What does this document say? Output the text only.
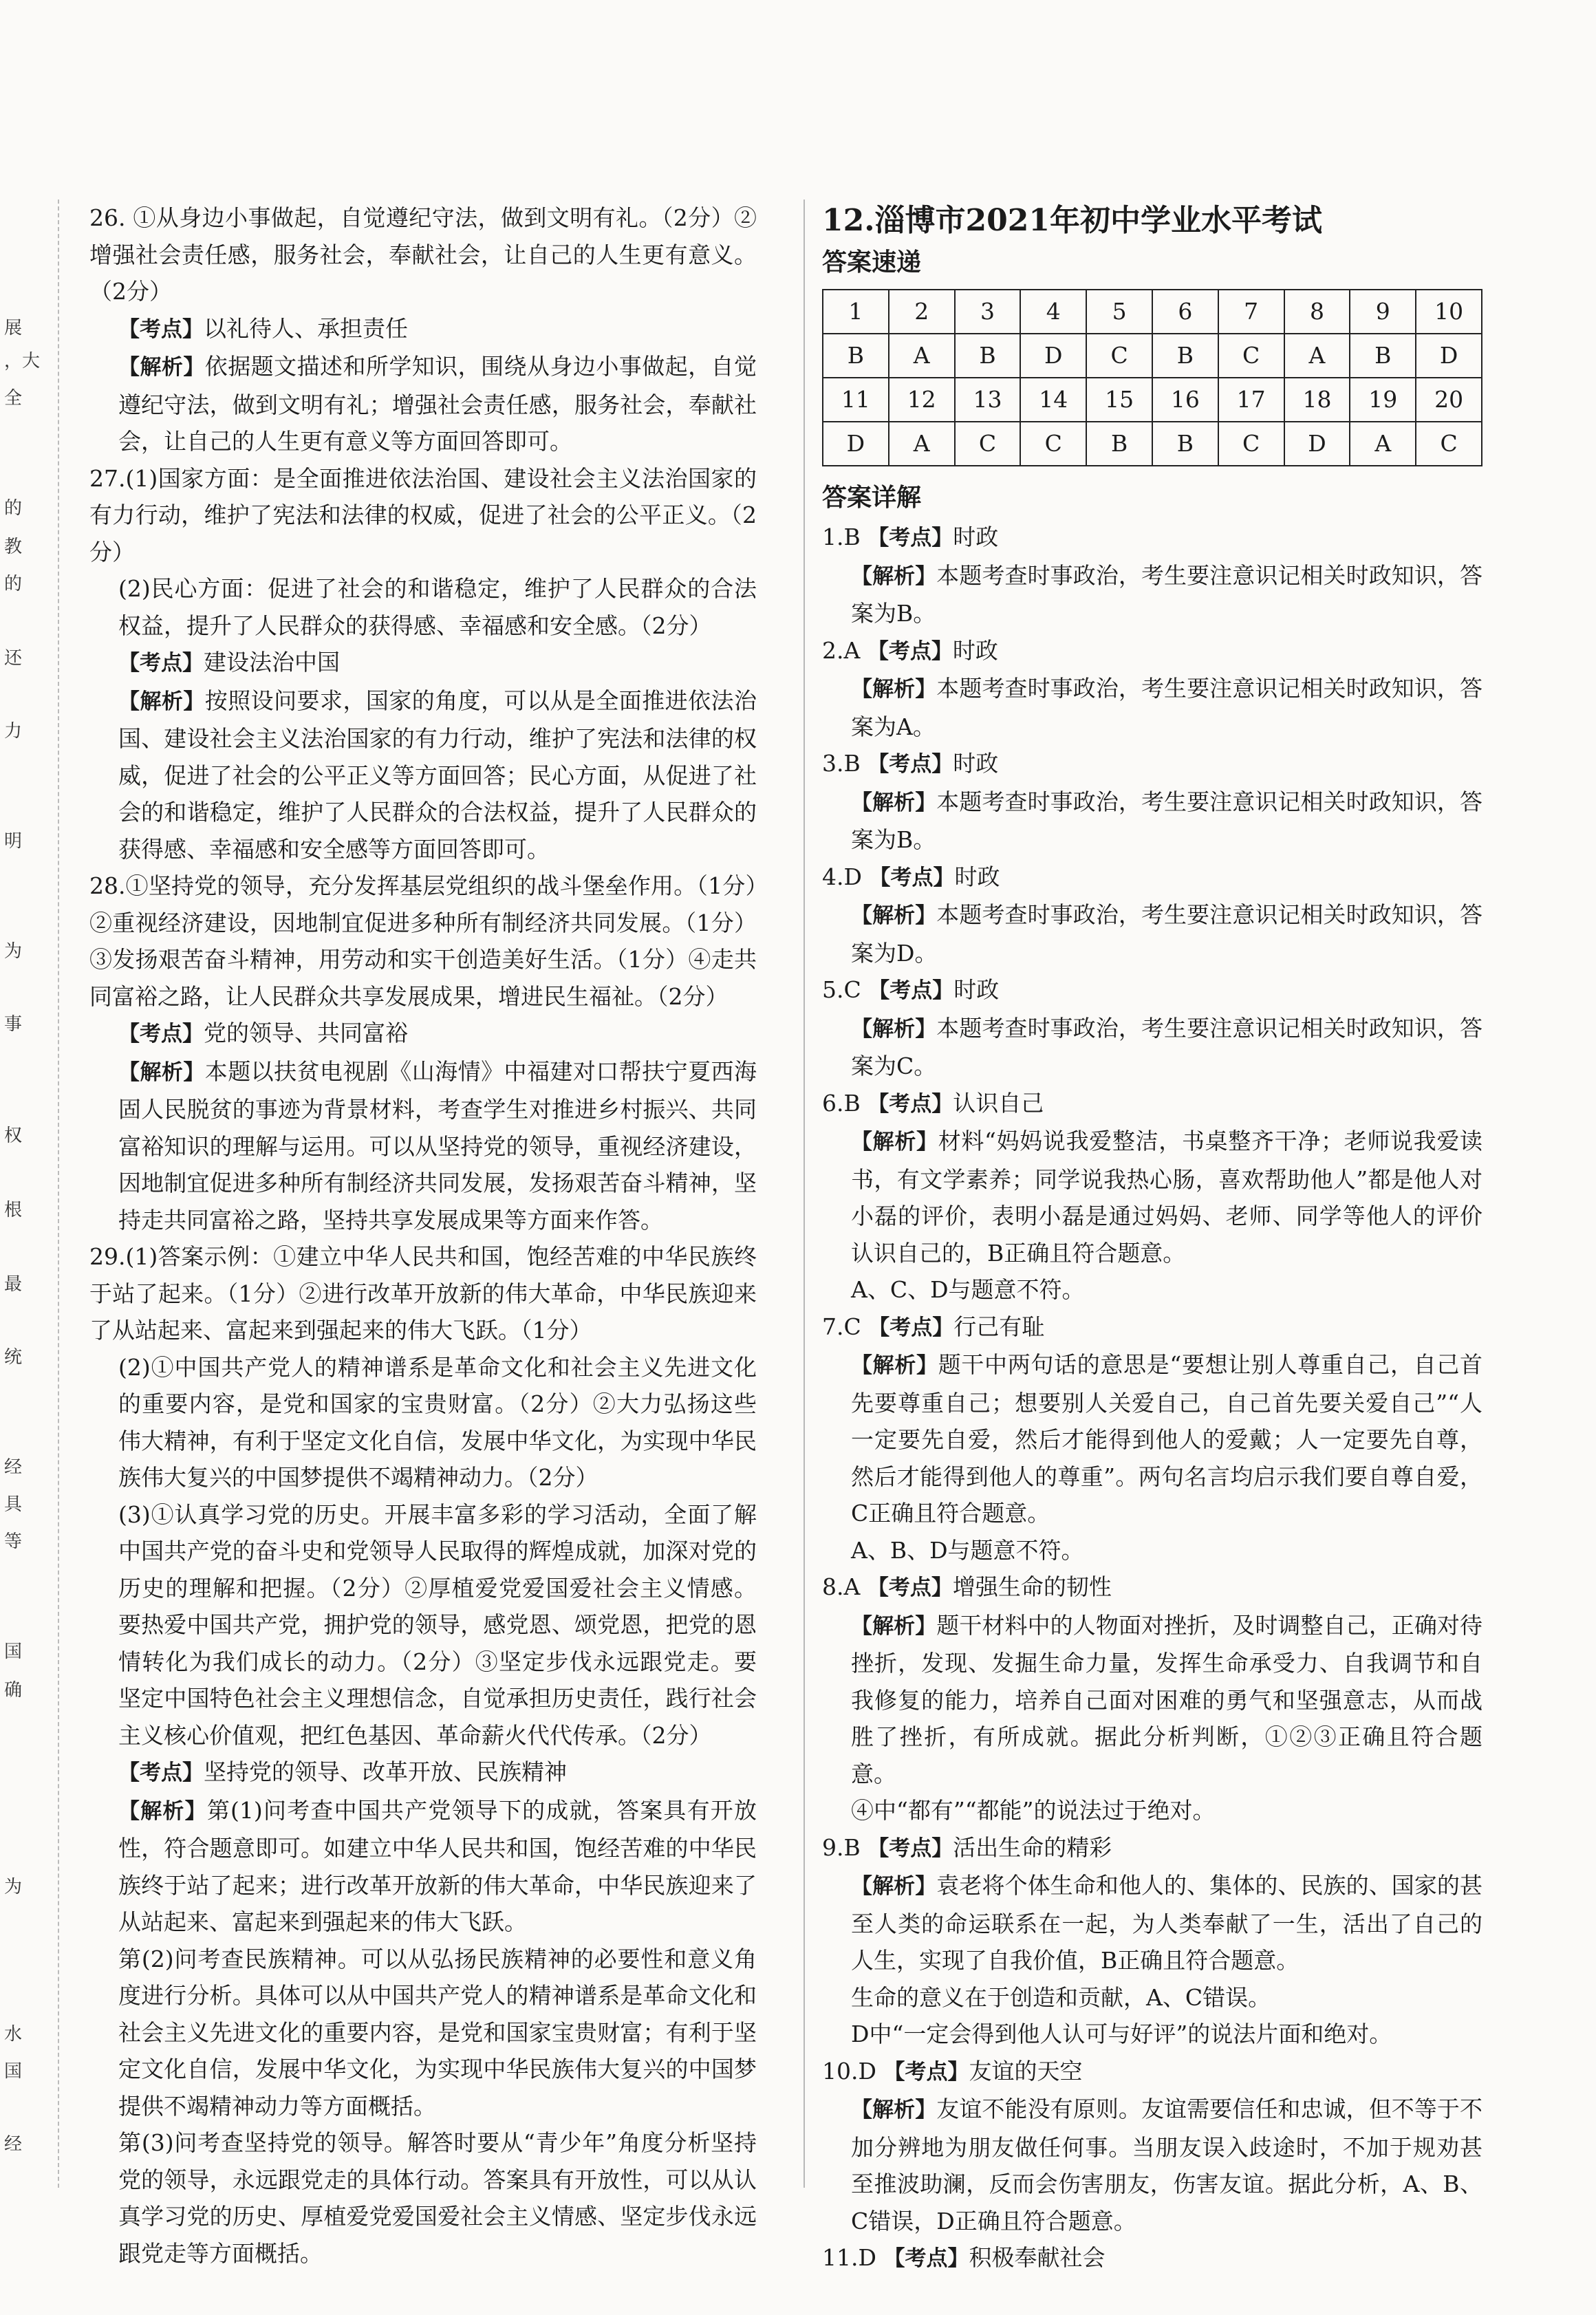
展
，大
全
的
教
的
还
力
明
为
事
权
根
最
统
经
具
等
国
确
为
水
国
经

26. ①从身边小事做起，自觉遵纪守法，做到文明有礼。（2分）②增强社会责任感，服务社会，奉献社会，让自己的人生更有意义。（2分）

【考点】以礼待人、承担责任

【解析】依据题文描述和所学知识，围绕从身边小事做起，自觉遵纪守法，做到文明有礼；增强社会责任感，服务社会，奉献社会，让自己的人生更有意义等方面回答即可。

27.(1)国家方面：是全面推进依法治国、建设社会主义法治国家的有力行动，维护了宪法和法律的权威，促进了社会的公平正义。（2分）

(2)民心方面：促进了社会的和谐稳定，维护了人民群众的合法权益，提升了人民群众的获得感、幸福感和安全感。（2分）

【考点】建设法治中国

【解析】按照设问要求，国家的角度，可以从是全面推进依法治国、建设社会主义法治国家的有力行动，维护了宪法和法律的权威，促进了社会的公平正义等方面回答；民心方面，从促进了社会的和谐稳定，维护了人民群众的合法权益，提升了人民群众的获得感、幸福感和安全感等方面回答即可。

28.①坚持党的领导，充分发挥基层党组织的战斗堡垒作用。（1分）②重视经济建设，因地制宜促进多种所有制经济共同发展。（1分）③发扬艰苦奋斗精神，用劳动和实干创造美好生活。（1分）④走共同富裕之路，让人民群众共享发展成果，增进民生福祉。（2分）

【考点】党的领导、共同富裕

【解析】本题以扶贫电视剧《山海情》中福建对口帮扶宁夏西海固人民脱贫的事迹为背景材料，考查学生对推进乡村振兴、共同富裕知识的理解与运用。可以从坚持党的领导，重视经济建设，因地制宜促进多种所有制经济共同发展，发扬艰苦奋斗精神，坚持走共同富裕之路，坚持共享发展成果等方面来作答。

29.(1)答案示例：①建立中华人民共和国，饱经苦难的中华民族终于站了起来。（1分）②进行改革开放新的伟大革命，中华民族迎来了从站起来、富起来到强起来的伟大飞跃。（1分）

(2)①中国共产党人的精神谱系是革命文化和社会主义先进文化的重要内容，是党和国家的宝贵财富。（2分）②大力弘扬这些伟大精神，有利于坚定文化自信，发展中华文化，为实现中华民族伟大复兴的中国梦提供不竭精神动力。（2分）

(3)①认真学习党的历史。开展丰富多彩的学习活动，全面了解中国共产党的奋斗史和党领导人民取得的辉煌成就，加深对党的历史的理解和把握。（2分）②厚植爱党爱国爱社会主义情感。要热爱中国共产党，拥护党的领导，感党恩、颂党恩，把党的恩情转化为我们成长的动力。（2分）③坚定步伐永远跟党走。要坚定中国特色社会主义理想信念，自觉承担历史责任，践行社会主义核心价值观，把红色基因、革命薪火代代传承。（2分）

【考点】坚持党的领导、改革开放、民族精神

【解析】第(1)问考查中国共产党领导下的成就，答案具有开放性，符合题意即可。如建立中华人民共和国，饱经苦难的中华民族终于站了起来；进行改革开放新的伟大革命，中华民族迎来了从站起来、富起来到强起来的伟大飞跃。

第(2)问考查民族精神。可以从弘扬民族精神的必要性和意义角度进行分析。具体可以从中国共产党人的精神谱系是革命文化和社会主义先进文化的重要内容，是党和国家宝贵财富；有利于坚定文化自信，发展中华文化，为实现中华民族伟大复兴的中国梦提供不竭精神动力等方面概括。

第(3)问考查坚持党的领导。解答时要从“青少年”角度分析坚持党的领导，永远跟党走的具体行动。答案具有开放性，可以从认真学习党的历史、厚植爱党爱国爱社会主义情感、坚定步伐永远跟党走等方面概括。

12.淄博市2021年初中学业水平考试

答案速递

1	2	3	4	5	6	7	8	9	10
B	A	B	D	C	B	C	A	B	D
11	12	13	14	15	16	17	18	19	20
D	A	C	C	B	B	C	D	A	C

答案详解

1.B 【考点】时政

【解析】本题考查时事政治，考生要注意识记相关时政知识，答案为B。

2.A 【考点】时政

【解析】本题考查时事政治，考生要注意识记相关时政知识，答案为A。

3.B 【考点】时政

【解析】本题考查时事政治，考生要注意识记相关时政知识，答案为B。

4.D 【考点】时政

【解析】本题考查时事政治，考生要注意识记相关时政知识，答案为D。

5.C 【考点】时政

【解析】本题考查时事政治，考生要注意识记相关时政知识，答案为C。

6.B 【考点】认识自己

【解析】材料“妈妈说我爱整洁，书桌整齐干净；老师说我爱读书，有文学素养；同学说我热心肠，喜欢帮助他人”都是他人对小磊的评价，表明小磊是通过妈妈、老师、同学等他人的评价认识自己的，B正确且符合题意。

A、C、D与题意不符。

7.C 【考点】行己有耻

【解析】题干中两句话的意思是“要想让别人尊重自己，自己首先要尊重自己；想要别人关爱自己，自己首先要关爱自己”“人一定要先自爱，然后才能得到他人的爱戴；人一定要先自尊，然后才能得到他人的尊重”。两句名言均启示我们要自尊自爱，C正确且符合题意。

A、B、D与题意不符。

8.A 【考点】增强生命的韧性

【解析】题干材料中的人物面对挫折，及时调整自己，正确对待挫折，发现、发掘生命力量，发挥生命承受力、自我调节和自我修复的能力，培养自己面对困难的勇气和坚强意志，从而战胜了挫折，有所成就。据此分析判断，①②③正确且符合题意。

④中“都有”“都能”的说法过于绝对。

9.B 【考点】活出生命的精彩

【解析】袁老将个体生命和他人的、集体的、民族的、国家的甚至人类的命运联系在一起，为人类奉献了一生，活出了自己的人生，实现了自我价值，B正确且符合题意。

生命的意义在于创造和贡献，A、C错误。

D中“一定会得到他人认可与好评”的说法片面和绝对。

10.D 【考点】友谊的天空

【解析】友谊不能没有原则。友谊需要信任和忠诚，但不等于不加分辨地为朋友做任何事。当朋友误入歧途时，不加于规劝甚至推波助澜，反而会伤害朋友，伤害友谊。据此分析，A、B、C错误，D正确且符合题意。

11.D 【考点】积极奉献社会
